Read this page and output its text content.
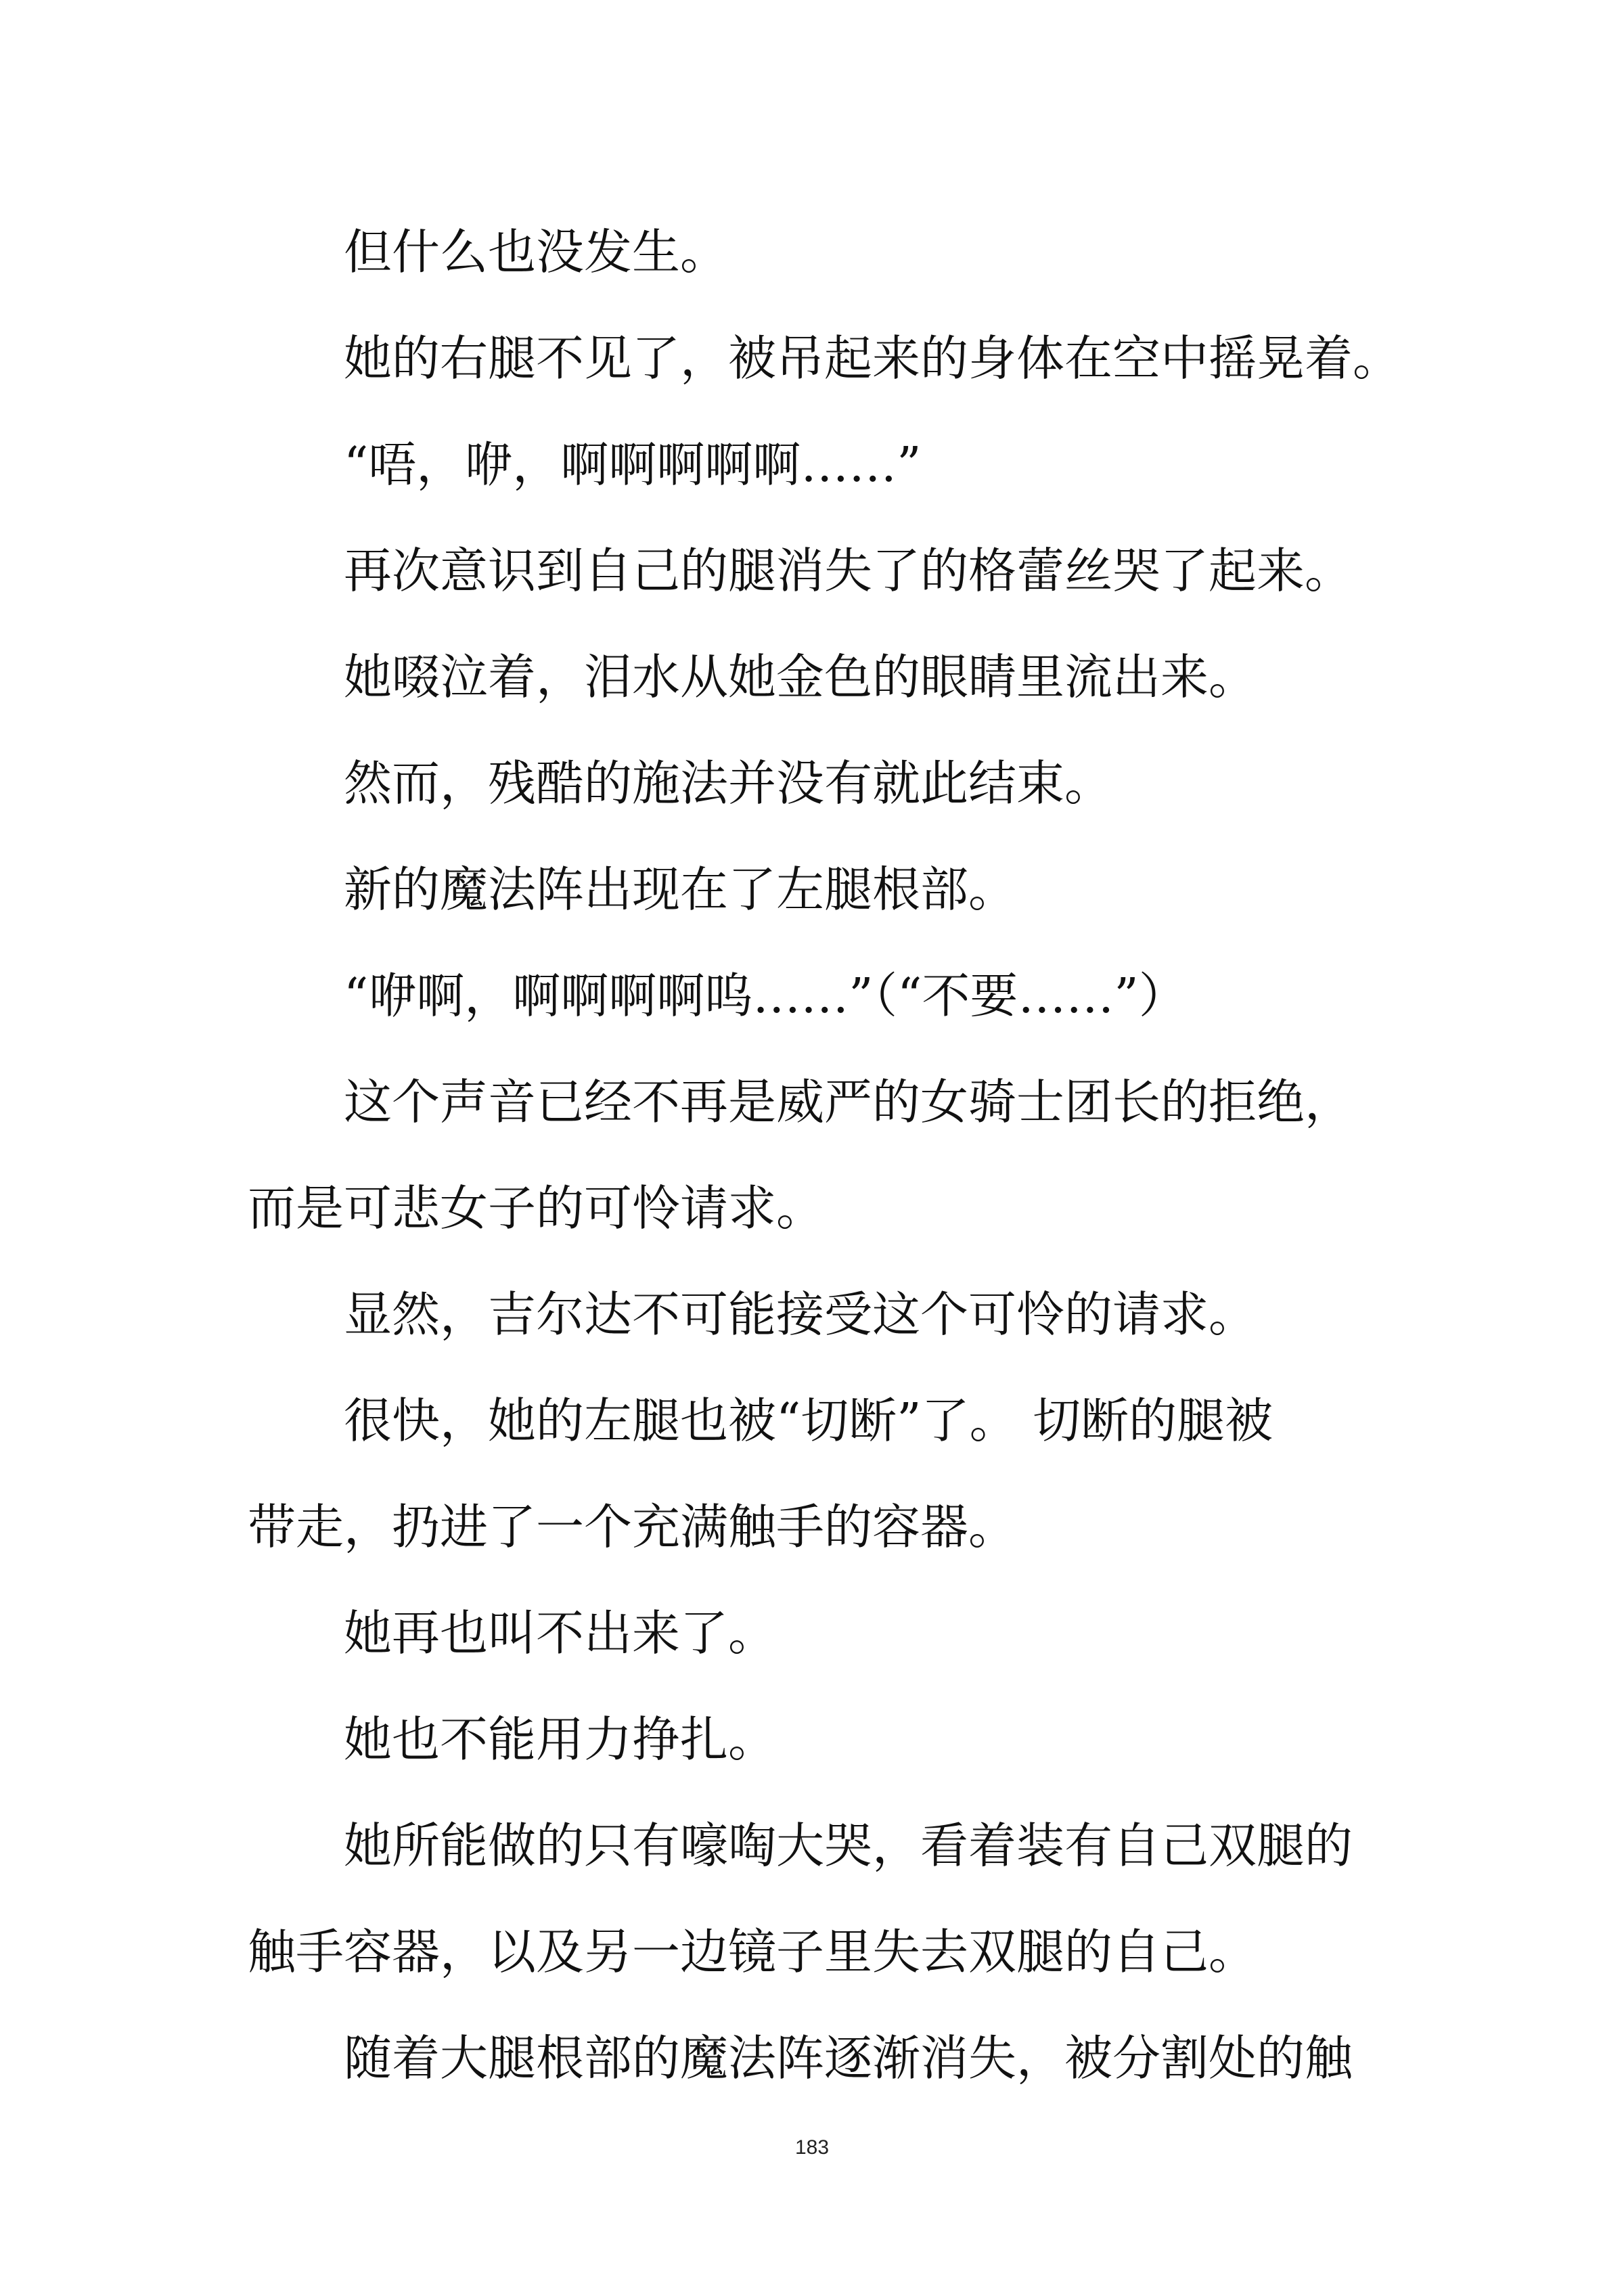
但什么也没发生。
她的右腿不见了，被吊起来的身体在空中摇晃着。
“唔，咿，啊啊啊啊啊……”
再次意识到自己的腿消失了的格蕾丝哭了起来。
她啜泣着，泪水从她金色的眼睛里流出来。
然而，残酷的施法并没有就此结束。
新的魔法阵出现在了左腿根部。
“咿啊，啊啊啊啊呜……”（“不要……”）
这个声音已经不再是威严的女骑士团长的拒绝，
而是可悲女子的可怜请求。
显然，吉尔达不可能接受这个可怜的请求。
很快，她的左腿也被“切断”了。 切断的腿被
带走，扔进了一个充满触手的容器。
她再也叫不出来了。
她也不能用力挣扎。
她所能做的只有嚎啕大哭，看着装有自己双腿的
触手容器，以及另一边镜子里失去双腿的自己。
随着大腿根部的魔法阵逐渐消失，被分割处的触
183
